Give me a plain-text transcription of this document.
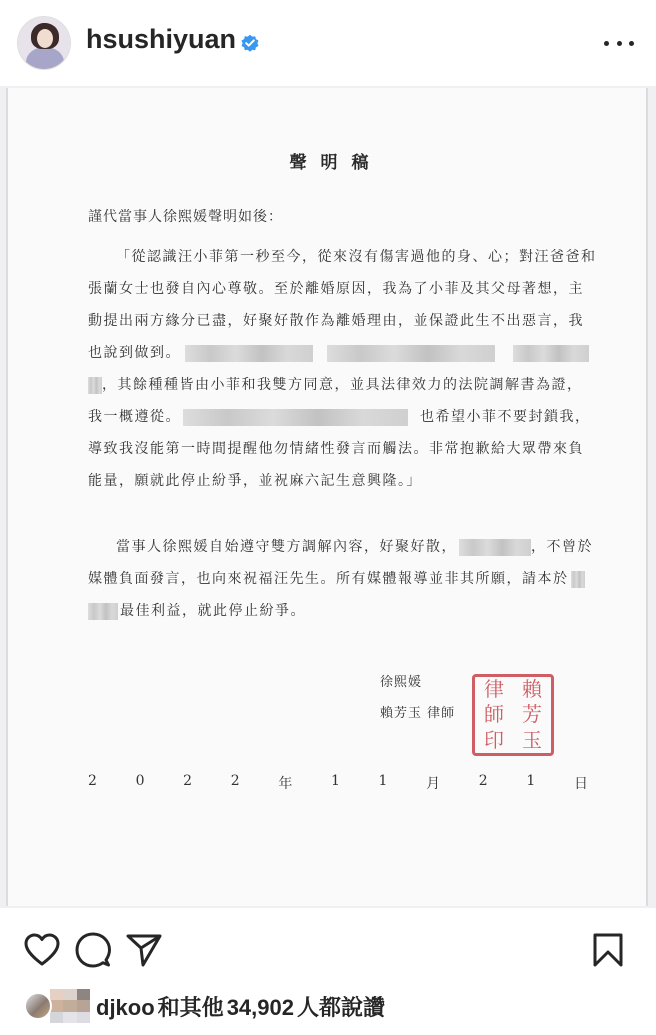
hsushiyuan
聲明稿
謹代當事人徐熙媛聲明如後：
「從認識汪小菲第一秒至今，從來沒有傷害過他的身、心；對汪爸爸和
張蘭女士也發自內心尊敬。至於離婚原因，我為了小菲及其父母著想，主
動提出兩方緣分已盡，好聚好散作為離婚理由，並保證此生不出惡言，我
也說到做到。
，其餘種種皆由小菲和我雙方同意，並具法律效力的法院調解書為證，
我一概遵從。	也希望小菲不要封鎖我，
導致我沒能第一時間提醒他勿情緒性發言而觸法。非常抱歉給大眾帶來負
能量，願就此停止紛爭，並祝麻六記生意興隆。」
當事人徐熙媛自始遵守雙方調解內容，好聚好散，	，不曾於
媒體負面發言，也向來祝福汪先生。所有媒體報導並非其所願，請本於
最佳利益，就此停止紛爭。
徐熙媛
賴芳玉 律師
律 賴
師 芳
印 玉
2	0	2	2	年	1	1	月	2	1	日
djkoo 和其他 34,902 人都說讚
